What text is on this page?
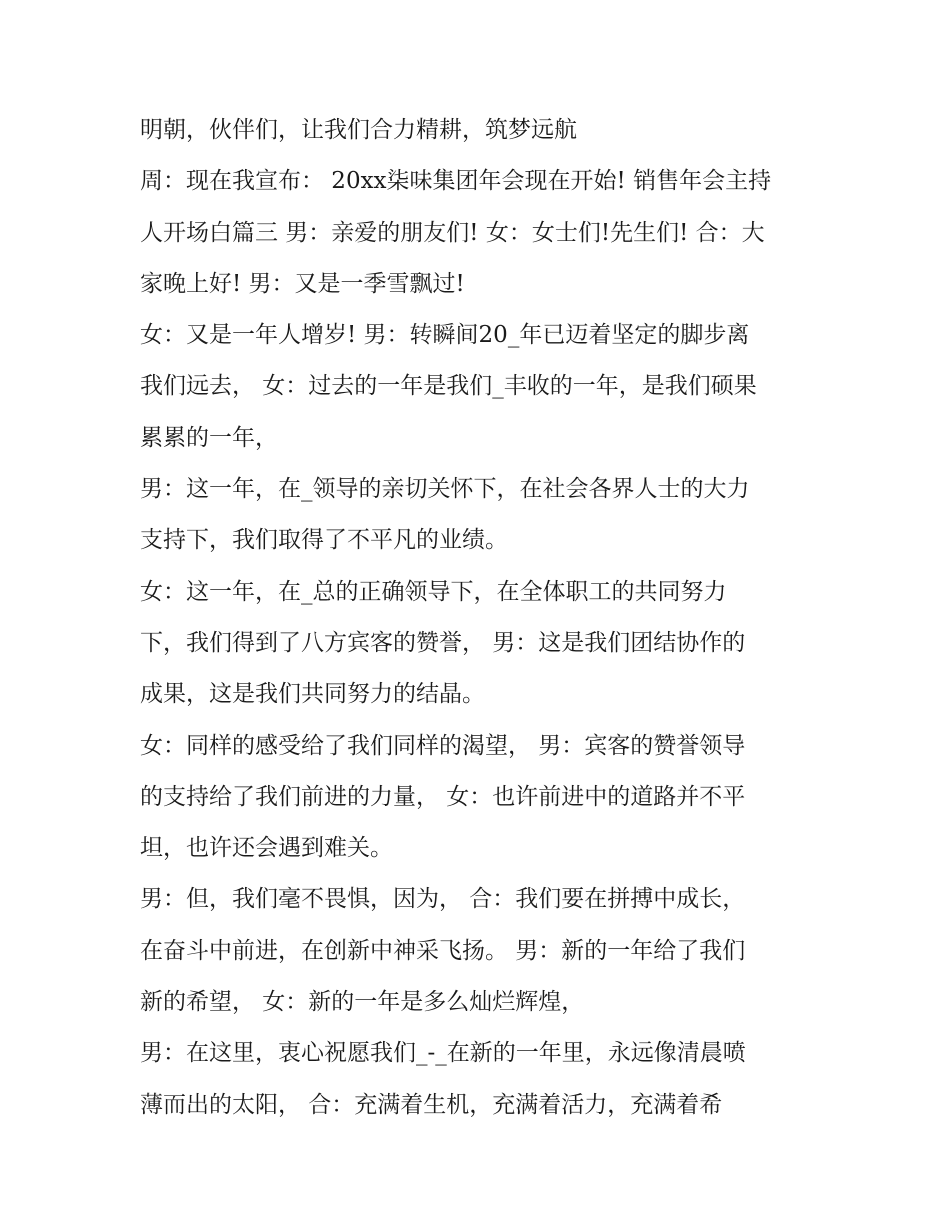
明朝，伙伴们，让我们合力精耕，筑梦远航
周：现在我宣布： 20xx柒味集团年会现在开始! 销售年会主持
人开场白篇三 男：亲爱的朋友们! 女：女士们!先生们! 合：大
家晚上好! 男：又是一季雪飘过!
女：又是一年人增岁! 男：转瞬间20_年已迈着坚定的脚步离
我们远去， 女：过去的一年是我们_丰收的一年，是我们硕果
累累的一年，
男：这一年，在_领导的亲切关怀下，在社会各界人士的大力
支持下，我们取得了不平凡的业绩。
女：这一年，在_总的正确领导下，在全体职工的共同努力
下，我们得到了八方宾客的赞誉， 男：这是我们团结协作的
成果，这是我们共同努力的结晶。
女：同样的感受给了我们同样的渴望， 男：宾客的赞誉领导
的支持给了我们前进的力量， 女：也许前进中的道路并不平
坦，也许还会遇到难关。
男：但，我们毫不畏惧，因为， 合：我们要在拼搏中成长，
在奋斗中前进，在创新中神采飞扬。 男：新的一年给了我们
新的希望， 女：新的一年是多么灿烂辉煌，
男：在这里，衷心祝愿我们_-_在新的一年里，永远像清晨喷
薄而出的太阳， 合：充满着生机，充满着活力，充满着希
